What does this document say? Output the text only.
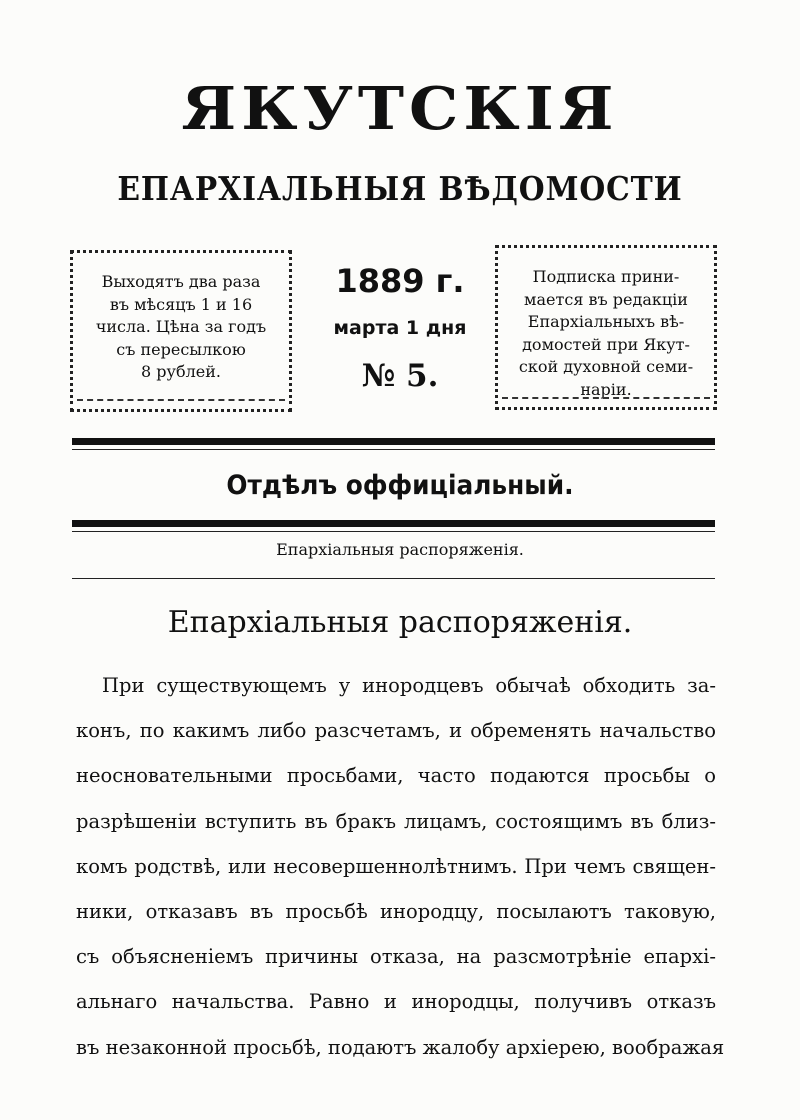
ЯКУТСКІЯ
ЕПАРХІАЛЬНЫЯ ВѢДОМОСТИ
Выходятъ два раза
въ мѣсяцъ 1 и 16
числа. Цѣна за годъ
съ пересылкою
8 рублей.
1889 г.
марта 1 дня
№ 5.
Подписка прини-
мается въ редакціи
Епархіальныхъ вѣ-
домостей при Якут-
ской духовной семи-
наріи.
Отдѣлъ оффиціальный.
Епархіальныя распоряженія.
Епархіальныя распоряженія.
При существующемъ у инородцевъ обычаѣ обходить за-
конъ, по какимъ либо разсчетамъ, и обременять начальство
неосновательными просьбами, часто подаются просьбы о
разрѣшеніи вступить въ бракъ лицамъ, состоящимъ въ близ-
комъ родствѣ, или несовершеннолѣтнимъ. При чемъ священ-
ники, отказавъ въ просьбѣ инородцу, посылаютъ таковую,
съ объясненіемъ причины отказа, на разсмотрѣніе епархі-
альнаго начальства. Равно и инородцы, получивъ отказъ
въ незаконной просьбѣ, подаютъ жалобу архіерею, воображая
